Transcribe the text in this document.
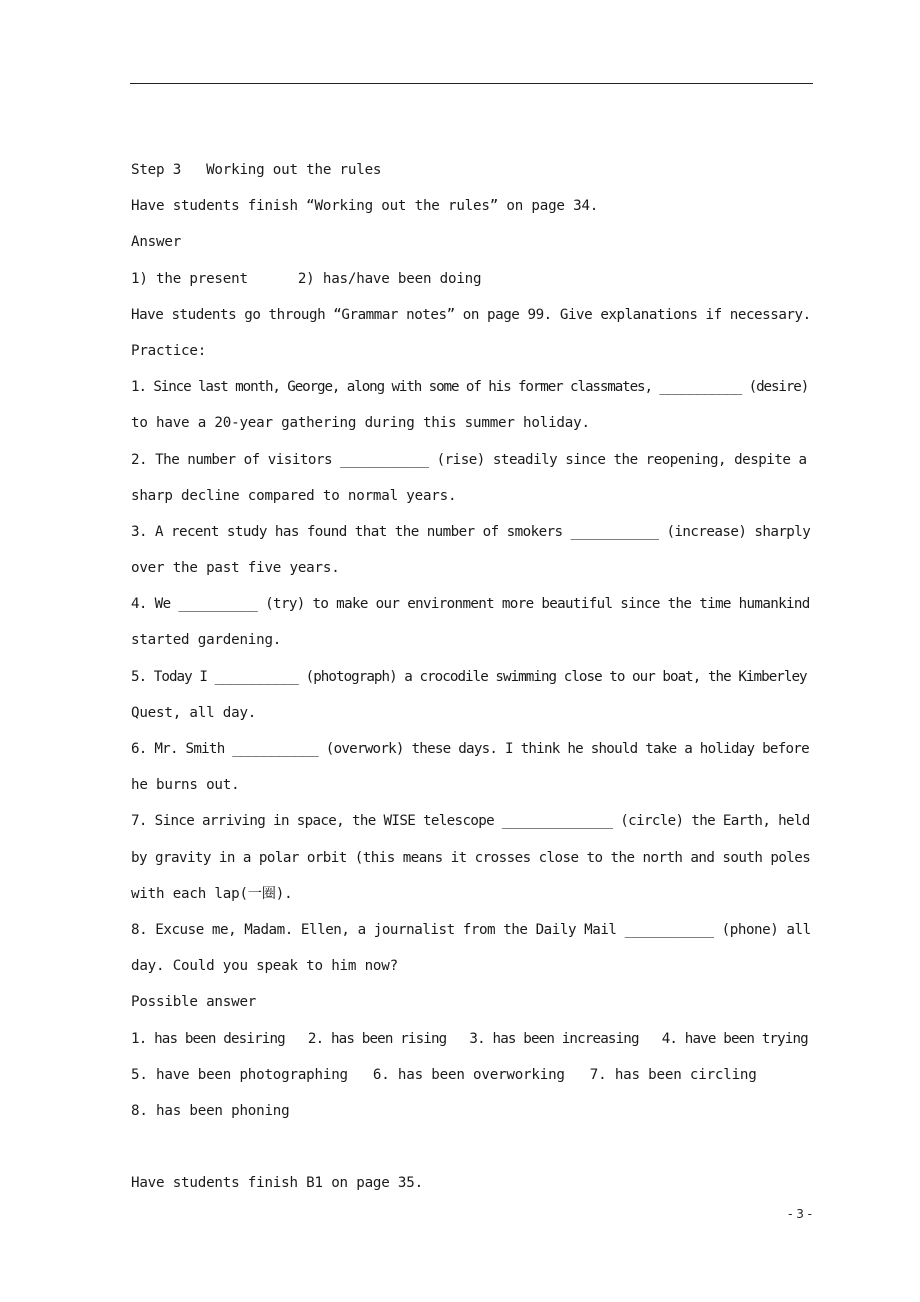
Step 3   Working out the rules
Have students finish “Working out the rules” on page 34.
Answer
1) the present      2) has/have been doing
Have students go through “Grammar notes” on page 99. Give explanations if necessary.
Practice:
1. Since last month, George, along with some of his former classmates, ___________ (desire)
to have a 20-year gathering during this summer holiday.
2. The number of visitors ___________ (rise) steadily since the reopening, despite a
sharp decline compared to normal years.
3. A recent study has found that the number of smokers ___________ (increase) sharply
over the past five years.
4. We __________ (try) to make our environment more beautiful since the time humankind
started gardening.
5. Today I ___________ (photograph) a crocodile swimming close to our boat, the Kimberley
Quest, all day.
6. Mr. Smith ___________ (overwork) these days. I think he should take a holiday before
he burns out.
7. Since arriving in space, the WISE telescope ______________ (circle) the Earth, held
by gravity in a polar orbit (this means it crosses close to the north and south poles
with each lap(一圈).
8. Excuse me, Madam. Ellen, a journalist from the Daily Mail ___________ (phone) all
day. Could you speak to him now?
Possible answer
1. has been desiring   2. has been rising   3. has been increasing   4. have been trying
5. have been photographing   6. has been overworking   7. has been circling
8. has been phoning
Have students finish B1 on page 35.
- 3 -
